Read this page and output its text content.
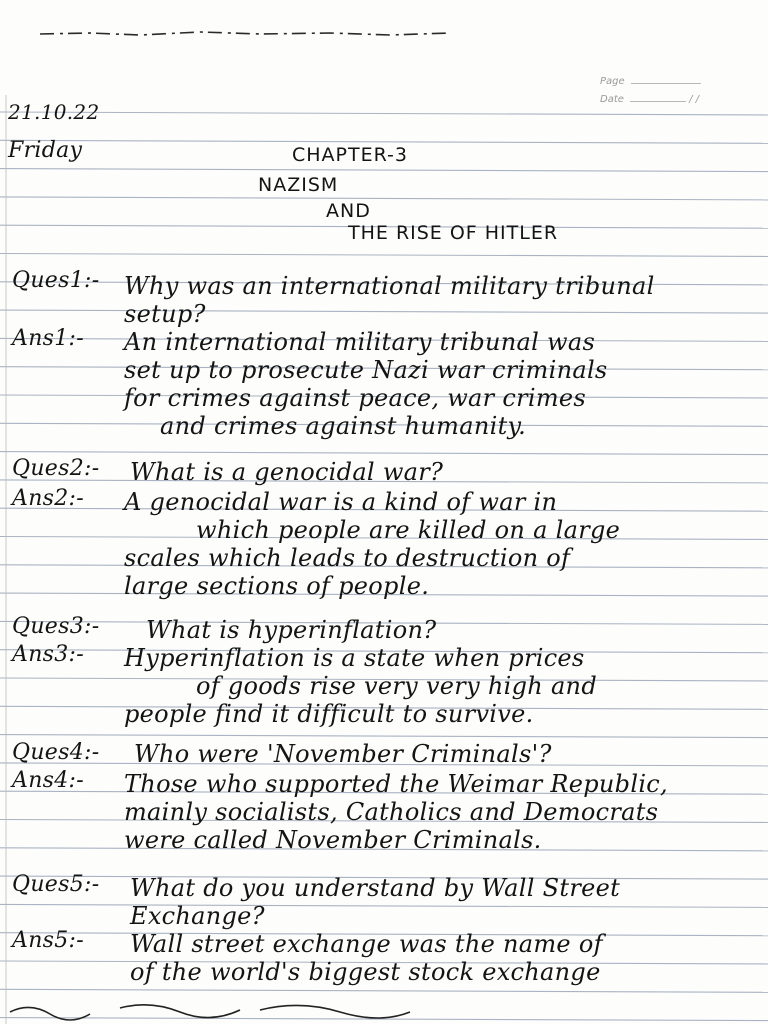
Page
Date	/ /
21.10.22
Friday	CHAPTER-3
NAZISM
AND
THE RISE OF HITLER
Ques1:- Why was an international military tribunal
setup?
Ans1:- An international military tribunal was
set up to prosecute Nazi war criminals
for crimes against peace, war crimes
and crimes against humanity.
Ques2:- What is a genocidal war?
Ans2:- A genocidal war is a kind of war in
which people are killed on a large
scales which leads to destruction of
large sections of people.
Ques3:- What is hyperinflation?
Ans3:- Hyperinflation is a state when prices
of goods rise very very high and
people find it difficult to survive.
Ques4:- Who were 'November Criminals'?
Ans4:- Those who supported the Weimar Republic,
mainly socialists, Catholics and Democrats
were called November Criminals.
Ques5:- What do you understand by Wall Street
Exchange?
Ans5:- Wall street exchange was the name of
of the world's biggest stock exchange
